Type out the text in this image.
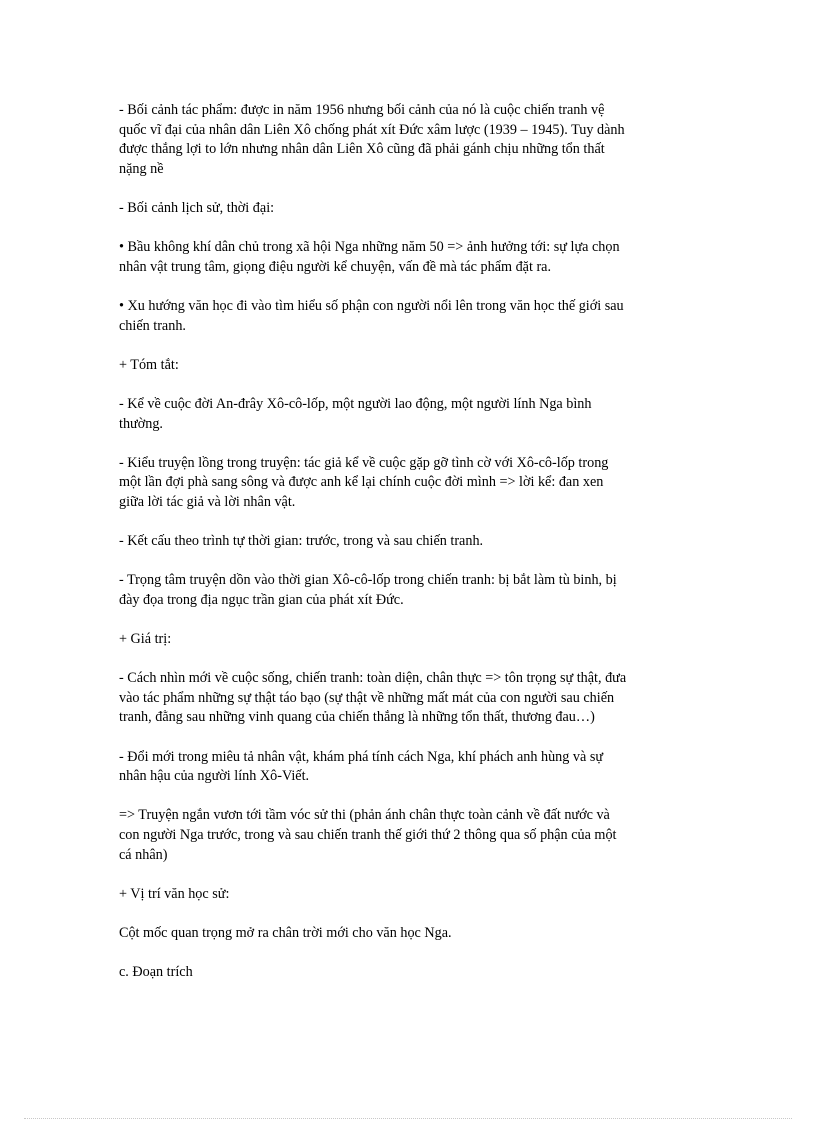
- Bối cảnh tác phẩm: được in năm 1956 nhưng bối cảnh của nó là cuộc chiến tranh vệ
quốc vĩ đại của nhân dân Liên Xô chống phát xít Đức xâm lược (1939 – 1945). Tuy dành
được thắng lợi to lớn nhưng nhân dân Liên Xô cũng đã phải gánh chịu những tổn thất
nặng nề

- Bối cảnh lịch sử, thời đại:

• Bầu không khí dân chủ trong xã hội Nga những năm 50 => ảnh hưởng tới: sự lựa chọn
nhân vật trung tâm, giọng điệu người kể chuyện, vấn đề mà tác phẩm đặt ra.

• Xu hướng văn học đi vào tìm hiểu số phận con người nổi lên trong văn học thế giới sau
chiến tranh.

+ Tóm tắt:

- Kể về cuộc đời An-đrây Xô-cô-lốp, một người lao động, một người lính Nga bình
thường.

- Kiểu truyện lồng trong truyện: tác giả kể về cuộc gặp gỡ tình cờ với Xô-cô-lốp trong
một lần đợi phà sang sông và được anh kể lại chính cuộc đời mình => lời kể: đan xen
giữa lời tác giả và lời nhân vật.

- Kết cấu theo trình tự thời gian: trước, trong và sau chiến tranh.

- Trọng tâm truyện dồn vào thời gian Xô-cô-lốp trong chiến tranh: bị bắt làm tù binh, bị
đày đọa trong địa ngục trần gian của phát xít Đức.

+ Giá trị:

- Cách nhìn mới về cuộc sống, chiến tranh: toàn diện, chân thực => tôn trọng sự thật, đưa
vào tác phẩm những sự thật táo bạo (sự thật về những mất mát của con người sau chiến
tranh, đằng sau những vinh quang của chiến thắng là những tổn thất, thương đau…)

- Đổi mới trong miêu tả nhân vật, khám phá tính cách Nga, khí phách anh hùng và sự
nhân hậu của người lính Xô-Viết.

=> Truyện ngắn vươn tới tầm vóc sử thi (phản ánh chân thực toàn cảnh về đất nước và
con người Nga trước, trong và sau chiến tranh thế giới thứ 2 thông qua số phận của một
cá nhân)

+ Vị trí văn học sử:

Cột mốc quan trọng mở ra chân trời mới cho văn học Nga.

c. Đoạn trích
